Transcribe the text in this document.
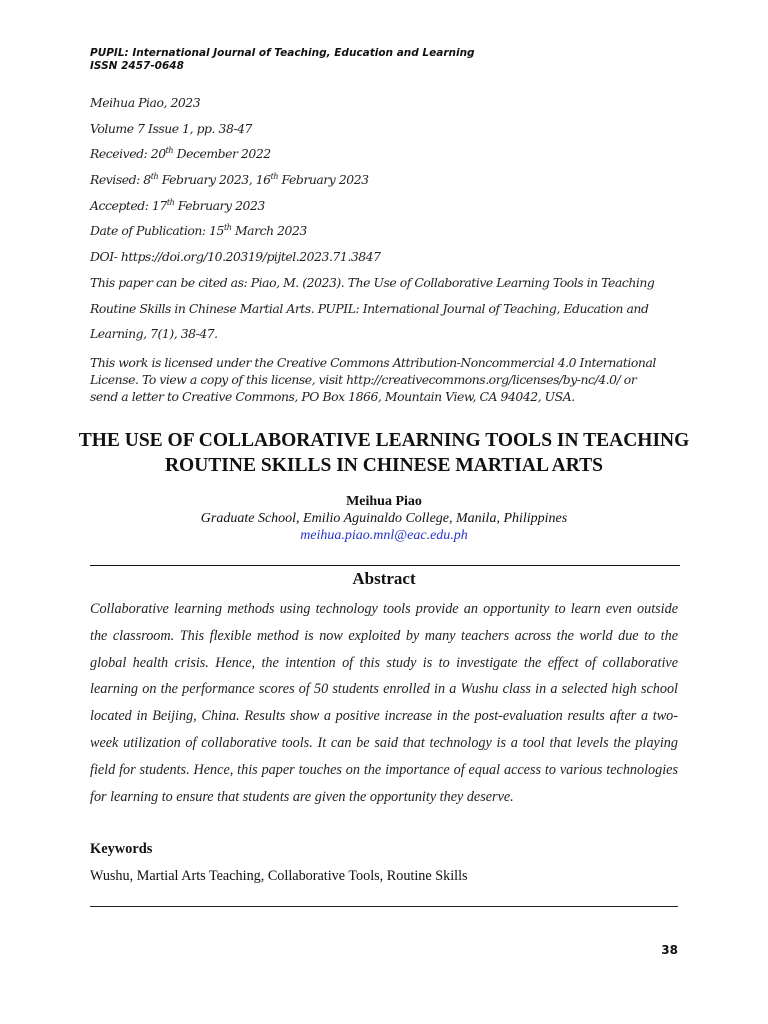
PUPIL: International Journal of Teaching, Education and Learning
ISSN 2457-0648
Meihua Piao, 2023
Volume 7 Issue 1, pp. 38-47
Received: 20th December 2022
Revised: 8th February 2023, 16th February 2023
Accepted: 17th February 2023
Date of Publication: 15th March 2023
DOI- https://doi.org/10.20319/pijtel.2023.71.3847
This paper can be cited as: Piao, M. (2023). The Use of Collaborative Learning Tools in Teaching Routine Skills in Chinese Martial Arts. PUPIL: International Journal of Teaching, Education and Learning, 7(1), 38-47.
This work is licensed under the Creative Commons Attribution-Noncommercial 4.0 International License. To view a copy of this license, visit http://creativecommons.org/licenses/by-nc/4.0/ or send a letter to Creative Commons, PO Box 1866, Mountain View, CA 94042, USA.
THE USE OF COLLABORATIVE LEARNING TOOLS IN TEACHING ROUTINE SKILLS IN CHINESE MARTIAL ARTS
Meihua Piao
Graduate School, Emilio Aguinaldo College, Manila, Philippines
meihua.piao.mnl@eac.edu.ph
Abstract
Collaborative learning methods using technology tools provide an opportunity to learn even outside the classroom. This flexible method is now exploited by many teachers across the world due to the global health crisis. Hence, the intention of this study is to investigate the effect of collaborative learning on the performance scores of 50 students enrolled in a Wushu class in a selected high school located in Beijing, China. Results show a positive increase in the post-evaluation results after a two-week utilization of collaborative tools. It can be said that technology is a tool that levels the playing field for students. Hence, this paper touches on the importance of equal access to various technologies for learning to ensure that students are given the opportunity they deserve.
Keywords
Wushu, Martial Arts Teaching, Collaborative Tools, Routine Skills
38
